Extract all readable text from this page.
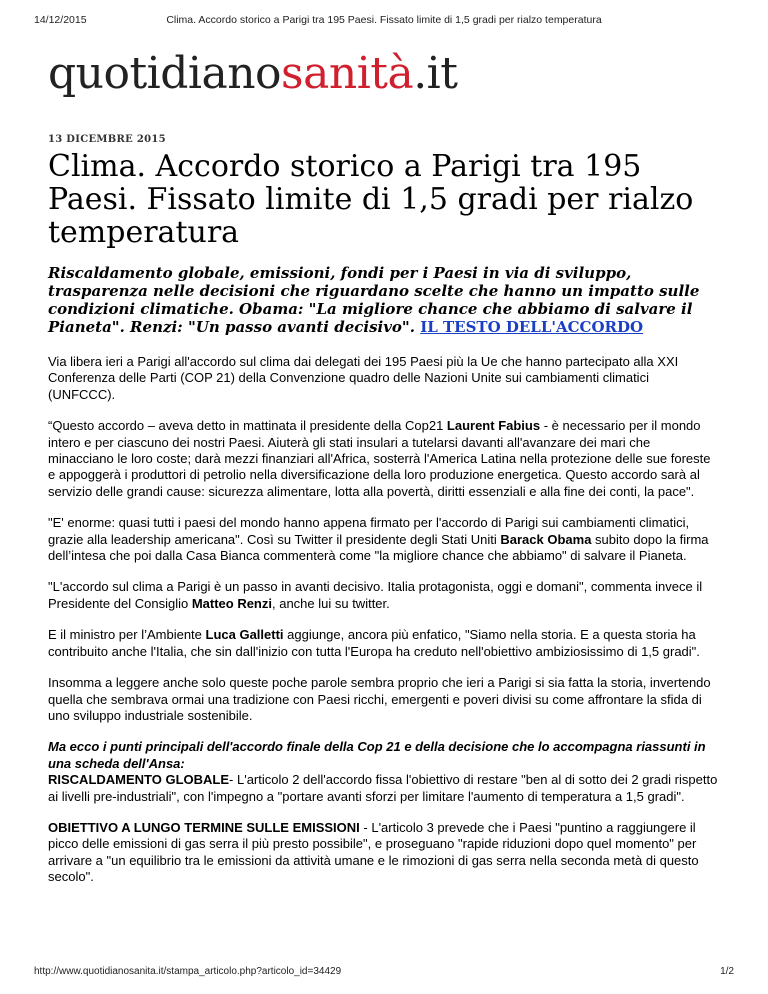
14/12/2015	Clima. Accordo storico a Parigi tra 195 Paesi. Fissato limite di 1,5 gradi per rialzo temperatura
quotidianosanità.it
13 DICEMBRE 2015
Clima. Accordo storico a Parigi tra 195 Paesi. Fissato limite di 1,5 gradi per rialzo temperatura

Riscaldamento globale, emissioni, fondi per i Paesi in via di sviluppo, trasparenza nelle decisioni che riguardano scelte che hanno un impatto sulle condizioni climatiche. Obama: "La migliore chance che abbiamo di salvare il Pianeta". Renzi: "Un passo avanti decisivo". IL TESTO DELL'ACCORDO

Via libera ieri a Parigi all'accordo sul clima dai delegati dei 195 Paesi più la Ue che hanno partecipato alla XXI Conferenza delle Parti (COP 21) della Convenzione quadro delle Nazioni Unite sui cambiamenti climatici (UNFCCC).

“Questo accordo – aveva detto in mattinata il presidente della Cop21 Laurent Fabius - è necessario per il mondo intero e per ciascuno dei nostri Paesi. Aiuterà gli stati insulari a tutelarsi davanti all'avanzare dei mari che minacciano le loro coste; darà mezzi finanziari all'Africa, sosterrà l'America Latina nella protezione delle sue foreste e appoggerà i produttori di petrolio nella diversificazione della loro produzione energetica. Questo accordo sarà al servizio delle grandi cause: sicurezza alimentare, lotta alla povertà, diritti essenziali e alla fine dei conti, la pace".

"E' enorme: quasi tutti i paesi del mondo hanno appena firmato per l'accordo di Parigi sui cambiamenti climatici, grazie alla leadership americana". Così su Twitter il presidente degli Stati Uniti Barack Obama subito dopo la firma dell’intesa che poi dalla Casa Bianca commenterà come "la migliore chance che abbiamo" di salvare il Pianeta.

"L'accordo sul clima a Parigi è un passo in avanti decisivo. Italia protagonista, oggi e domani", commenta invece il Presidente del Consiglio Matteo Renzi, anche lui su twitter.

E il ministro per l’Ambiente Luca Galletti aggiunge, ancora più enfatico, "Siamo nella storia. E a questa storia ha contribuito anche l'Italia, che sin dall'inizio con tutta l'Europa ha creduto nell'obiettivo ambiziosissimo di 1,5 gradi".

Insomma a leggere anche solo queste poche parole sembra proprio che ieri a Parigi si sia fatta la storia, invertendo quella che sembrava ormai una tradizione con Paesi ricchi, emergenti e poveri divisi su come affrontare la sfida di uno sviluppo industriale sostenibile.

Ma ecco i punti principali dell'accordo finale della Cop 21 e della decisione che lo accompagna riassunti in una scheda dell'Ansa:
RISCALDAMENTO GLOBALE- L'articolo 2 dell'accordo fissa l'obiettivo di restare "ben al di sotto dei 2 gradi rispetto ai livelli pre-industriali", con l'impegno a "portare avanti sforzi per limitare l'aumento di temperatura a 1,5 gradi".

OBIETTIVO A LUNGO TERMINE SULLE EMISSIONI - L'articolo 3 prevede che i Paesi "puntino a raggiungere il picco delle emissioni di gas serra il più presto possibile", e proseguano "rapide riduzioni dopo quel momento" per arrivare a "un equilibrio tra le emissioni da attività umane e le rimozioni di gas serra nella seconda metà di questo secolo".

http://www.quotidianosanita.it/stampa_articolo.php?articolo_id=34429	1/2
